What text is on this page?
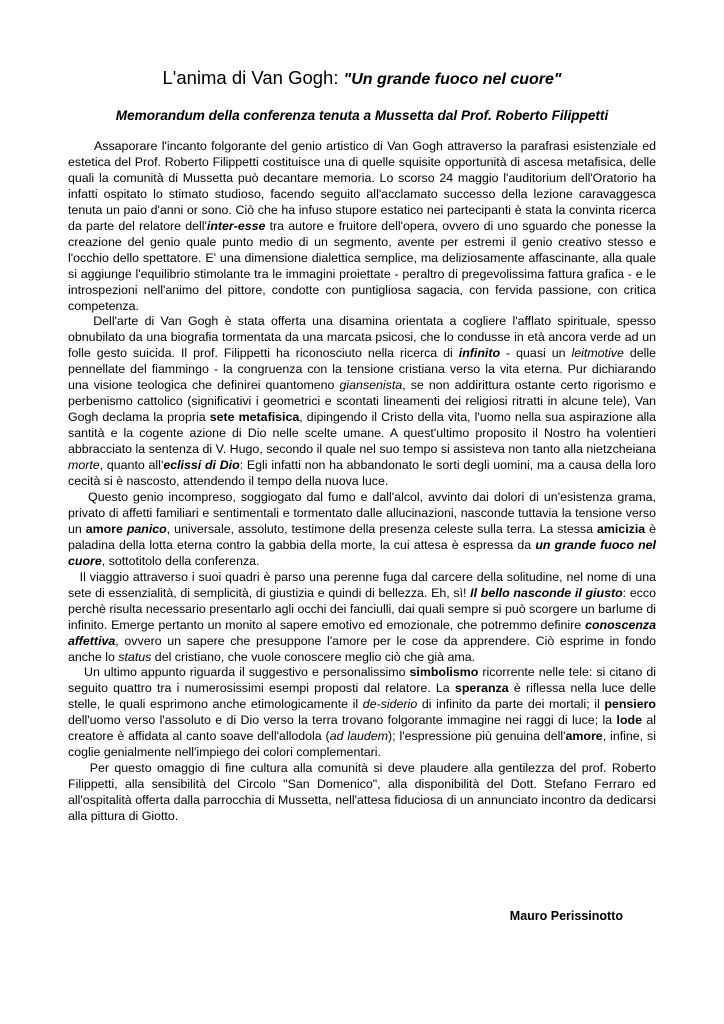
L'anima di Van Gogh: "Un grande fuoco nel cuore"
Memorandum della conferenza tenuta a Mussetta dal Prof. Roberto Filippetti

Assaporare l'incanto folgorante del genio artistico di Van Gogh attraverso la parafrasi esistenziale ed estetica del Prof. Roberto Filippetti costituisce una di quelle squisite opportunità di ascesa metafisica, delle quali la comunità di Mussetta può decantare memoria. Lo scorso 24 maggio l'auditorium dell'Oratorio ha infatti ospitato lo stimato studioso, facendo seguito all'acclamato successo della lezione caravaggesca tenuta un paio d'anni or sono. Ciò che ha infuso stupore estatico nei partecipanti è stata la convinta ricerca da parte del relatore dell'inter-esse tra autore e fruitore dell'opera, ovvero di uno sguardo che ponesse la creazione del genio quale punto medio di un segmento, avente per estremi il genio creativo stesso e l'occhio dello spettatore. E' una dimensione dialettica semplice, ma deliziosamente affascinante, alla quale si aggiunge l'equilibrio stimolante tra le immagini proiettate - peraltro di pregevolissima fattura grafica - e le introspezioni nell'animo del pittore, condotte con puntigliosa sagacia, con fervida passione, con critica competenza.

Dell'arte di Van Gogh è stata offerta una disamina orientata a cogliere l'afflato spirituale, spesso obnubilato da una biografia tormentata da una marcata psicosi, che lo condusse in età ancora verde ad un folle gesto suicida. Il prof. Filippetti ha riconosciuto nella ricerca di infinito - quasi un leitmotive delle pennellate del fiammingo - la congruenza con la tensione cristiana verso la vita eterna. Pur dichiarando una visione teologica che definirei quantomeno giansenista, se non addirittura ostante certo rigorismo e perbenismo cattolico (significativi i geometrici e scontati lineamenti dei religiosi ritratti in alcune tele), Van Gogh declama la propria sete metafisica, dipingendo il Cristo della vita, l'uomo nella sua aspirazione alla santità e la cogente azione di Dio nelle scelte umane. A quest'ultimo proposito il Nostro ha volentieri abbracciato la sentenza di V. Hugo, secondo il quale nel suo tempo si assisteva non tanto alla nietzcheiana morte, quanto all'eclissi di Dio: Egli infatti non ha abbandonato le sorti degli uomini, ma a causa della loro cecità si è nascosto, attendendo il tempo della nuova luce.

Questo genio incompreso, soggiogato dal fumo e dall'alcol, avvinto dai dolori di un'esistenza grama, privato di affetti familiari e sentimentali e tormentato dalle allucinazioni, nasconde tuttavia la tensione verso un amore panico, universale, assoluto, testimone della presenza celeste sulla terra. La stessa amicizia è paladina della lotta eterna contro la gabbia della morte, la cui attesa è espressa da un grande fuoco nel cuore, sottotitolo della conferenza.

Il viaggio attraverso i suoi quadri è parso una perenne fuga dal carcere della solitudine, nel nome di una sete di essenzialità, di semplicità, di giustizia e quindi di bellezza. Eh, sì! Il bello nasconde il giusto: ecco perchè risulta necessario presentarlo agli occhi dei fanciulli, dai quali sempre si può scorgere un barlume di infinito. Emerge pertanto un monito al sapere emotivo ed emozionale, che potremmo definire conoscenza affettiva, ovvero un sapere che presuppone l'amore per le cose da apprendere. Ciò esprime in fondo anche lo status del cristiano, che vuole conoscere meglio ciò che già ama.

Un ultimo appunto riguarda il suggestivo e personalissimo simbolismo ricorrente nelle tele: si citano di seguito quattro tra i numerosissimi esempi proposti dal relatore. La speranza è riflessa nella luce delle stelle, le quali esprimono anche etimologicamente il de-siderio di infinito da parte dei mortali; il pensiero dell'uomo verso l'assoluto e di Dio verso la terra trovano folgorante immagine nei raggi di luce; la lode al creatore è affidata al canto soave dell'allodola (ad laudem); l'espressione più genuina dell'amore, infine, si coglie genialmente nell'impiego dei colori complementari.

Per questo omaggio di fine cultura alla comunità si deve plaudere alla gentilezza del prof. Roberto Filippetti, alla sensibilità del Circolo "San Domenico", alla disponibilità del Dott. Stefano Ferraro ed all'ospitalità offerta dalla parrocchia di Mussetta, nell'attesa fiduciosa di un annunciato incontro da dedicarsi alla pittura di Giotto.

Mauro Perissinotto
